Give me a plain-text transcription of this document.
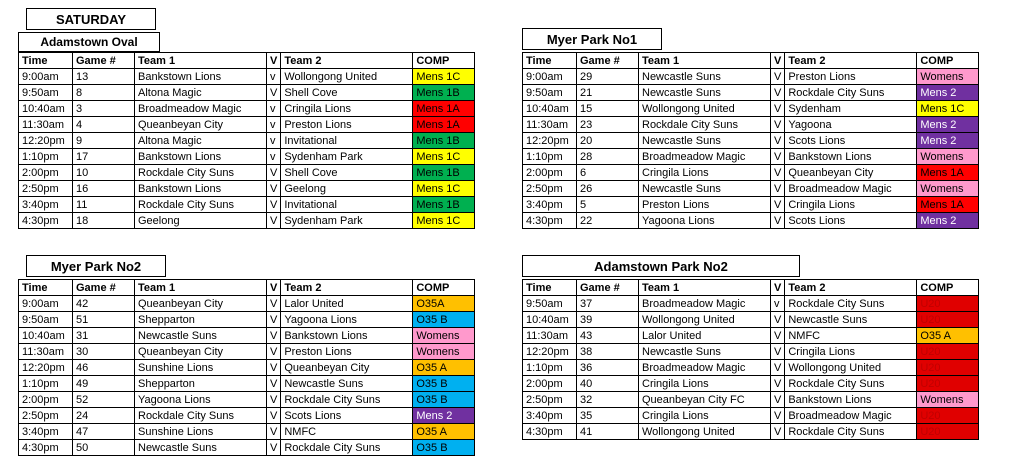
SATURDAY
Adamstown Oval
Time	Game #	Team 1	V	Team 2	COMP
9:00am	13	Bankstown Lions	v	Wollongong United	Mens 1C
9:50am	8	Altona Magic	V	Shell Cove	Mens 1B
10:40am	3	Broadmeadow Magic	v	Cringila Lions	Mens 1A
11:30am	4	Queanbeyan City	v	Preston Lions	Mens 1A
12:20pm	9	Altona Magic	v	Invitational	Mens 1B
1:10pm	17	Bankstown Lions	v	Sydenham Park	Mens 1C
2:00pm	10	Rockdale City Suns	V	Shell Cove	Mens 1B
2:50pm	16	Bankstown Lions	V	Geelong	Mens 1C
3:40pm	11	Rockdale City Suns	V	Invitational	Mens 1B
4:30pm	18	Geelong	V	Sydenham Park	Mens 1C
Myer Park No1
Time	Game #	Team 1	V	Team 2	COMP
9:00am	29	Newcastle Suns	V	Preston Lions	Womens
9:50am	21	Newcastle Suns	V	Rockdale City Suns	Mens 2
10:40am	15	Wollongong United	V	Sydenham	Mens 1C
11:30am	23	Rockdale City Suns	V	Yagoona	Mens 2
12:20pm	20	Newcastle Suns	V	Scots Lions	Mens 2
1:10pm	28	Broadmeadow Magic	V	Bankstown Lions	Womens
2:00pm	6	Cringila Lions	V	Queanbeyan City	Mens 1A
2:50pm	26	Newcastle Suns	V	Broadmeadow Magic	Womens
3:40pm	5	Preston Lions	V	Cringila Lions	Mens 1A
4:30pm	22	Yagoona Lions	V	Scots Lions	Mens 2
Myer Park No2
Time	Game #	Team 1	V	Team 2	COMP
9:00am	42	Queanbeyan City	V	Lalor United	O35A
9:50am	51	Shepparton	V	Yagoona Lions	O35 B
10:40am	31	Newcastle Suns	V	Bankstown Lions	Womens
11:30am	30	Queanbeyan City	V	Preston Lions	Womens
12:20pm	46	Sunshine Lions	V	Queanbeyan City	O35 A
1:10pm	49	Shepparton	V	Newcastle Suns	O35 B
2:00pm	52	Yagoona Lions	V	Rockdale City Suns	O35 B
2:50pm	24	Rockdale City Suns	V	Scots Lions	Mens 2
3:40pm	47	Sunshine Lions	V	NMFC	O35 A
4:30pm	50	Newcastle Suns	V	Rockdale City Suns	O35 B
Adamstown Park No2
Time	Game #	Team 1	V	Team 2	COMP
9:50am	37	Broadmeadow Magic	v	Rockdale City Suns	U20
10:40am	39	Wollongong United	V	Newcastle Suns	U20
11:30am	43	Lalor United	V	NMFC	O35 A
12:20pm	38	Newcastle Suns	V	Cringila Lions	U20
1:10pm	36	Broadmeadow Magic	V	Wollongong United	U20
2:00pm	40	Cringila Lions	V	Rockdale City Suns	U20
2:50pm	32	Queanbeyan City FC	V	Bankstown Lions	Womens
3:40pm	35	Cringila Lions	V	Broadmeadow Magic	U20
4:30pm	41	Wollongong United	V	Rockdale City Suns	U20
